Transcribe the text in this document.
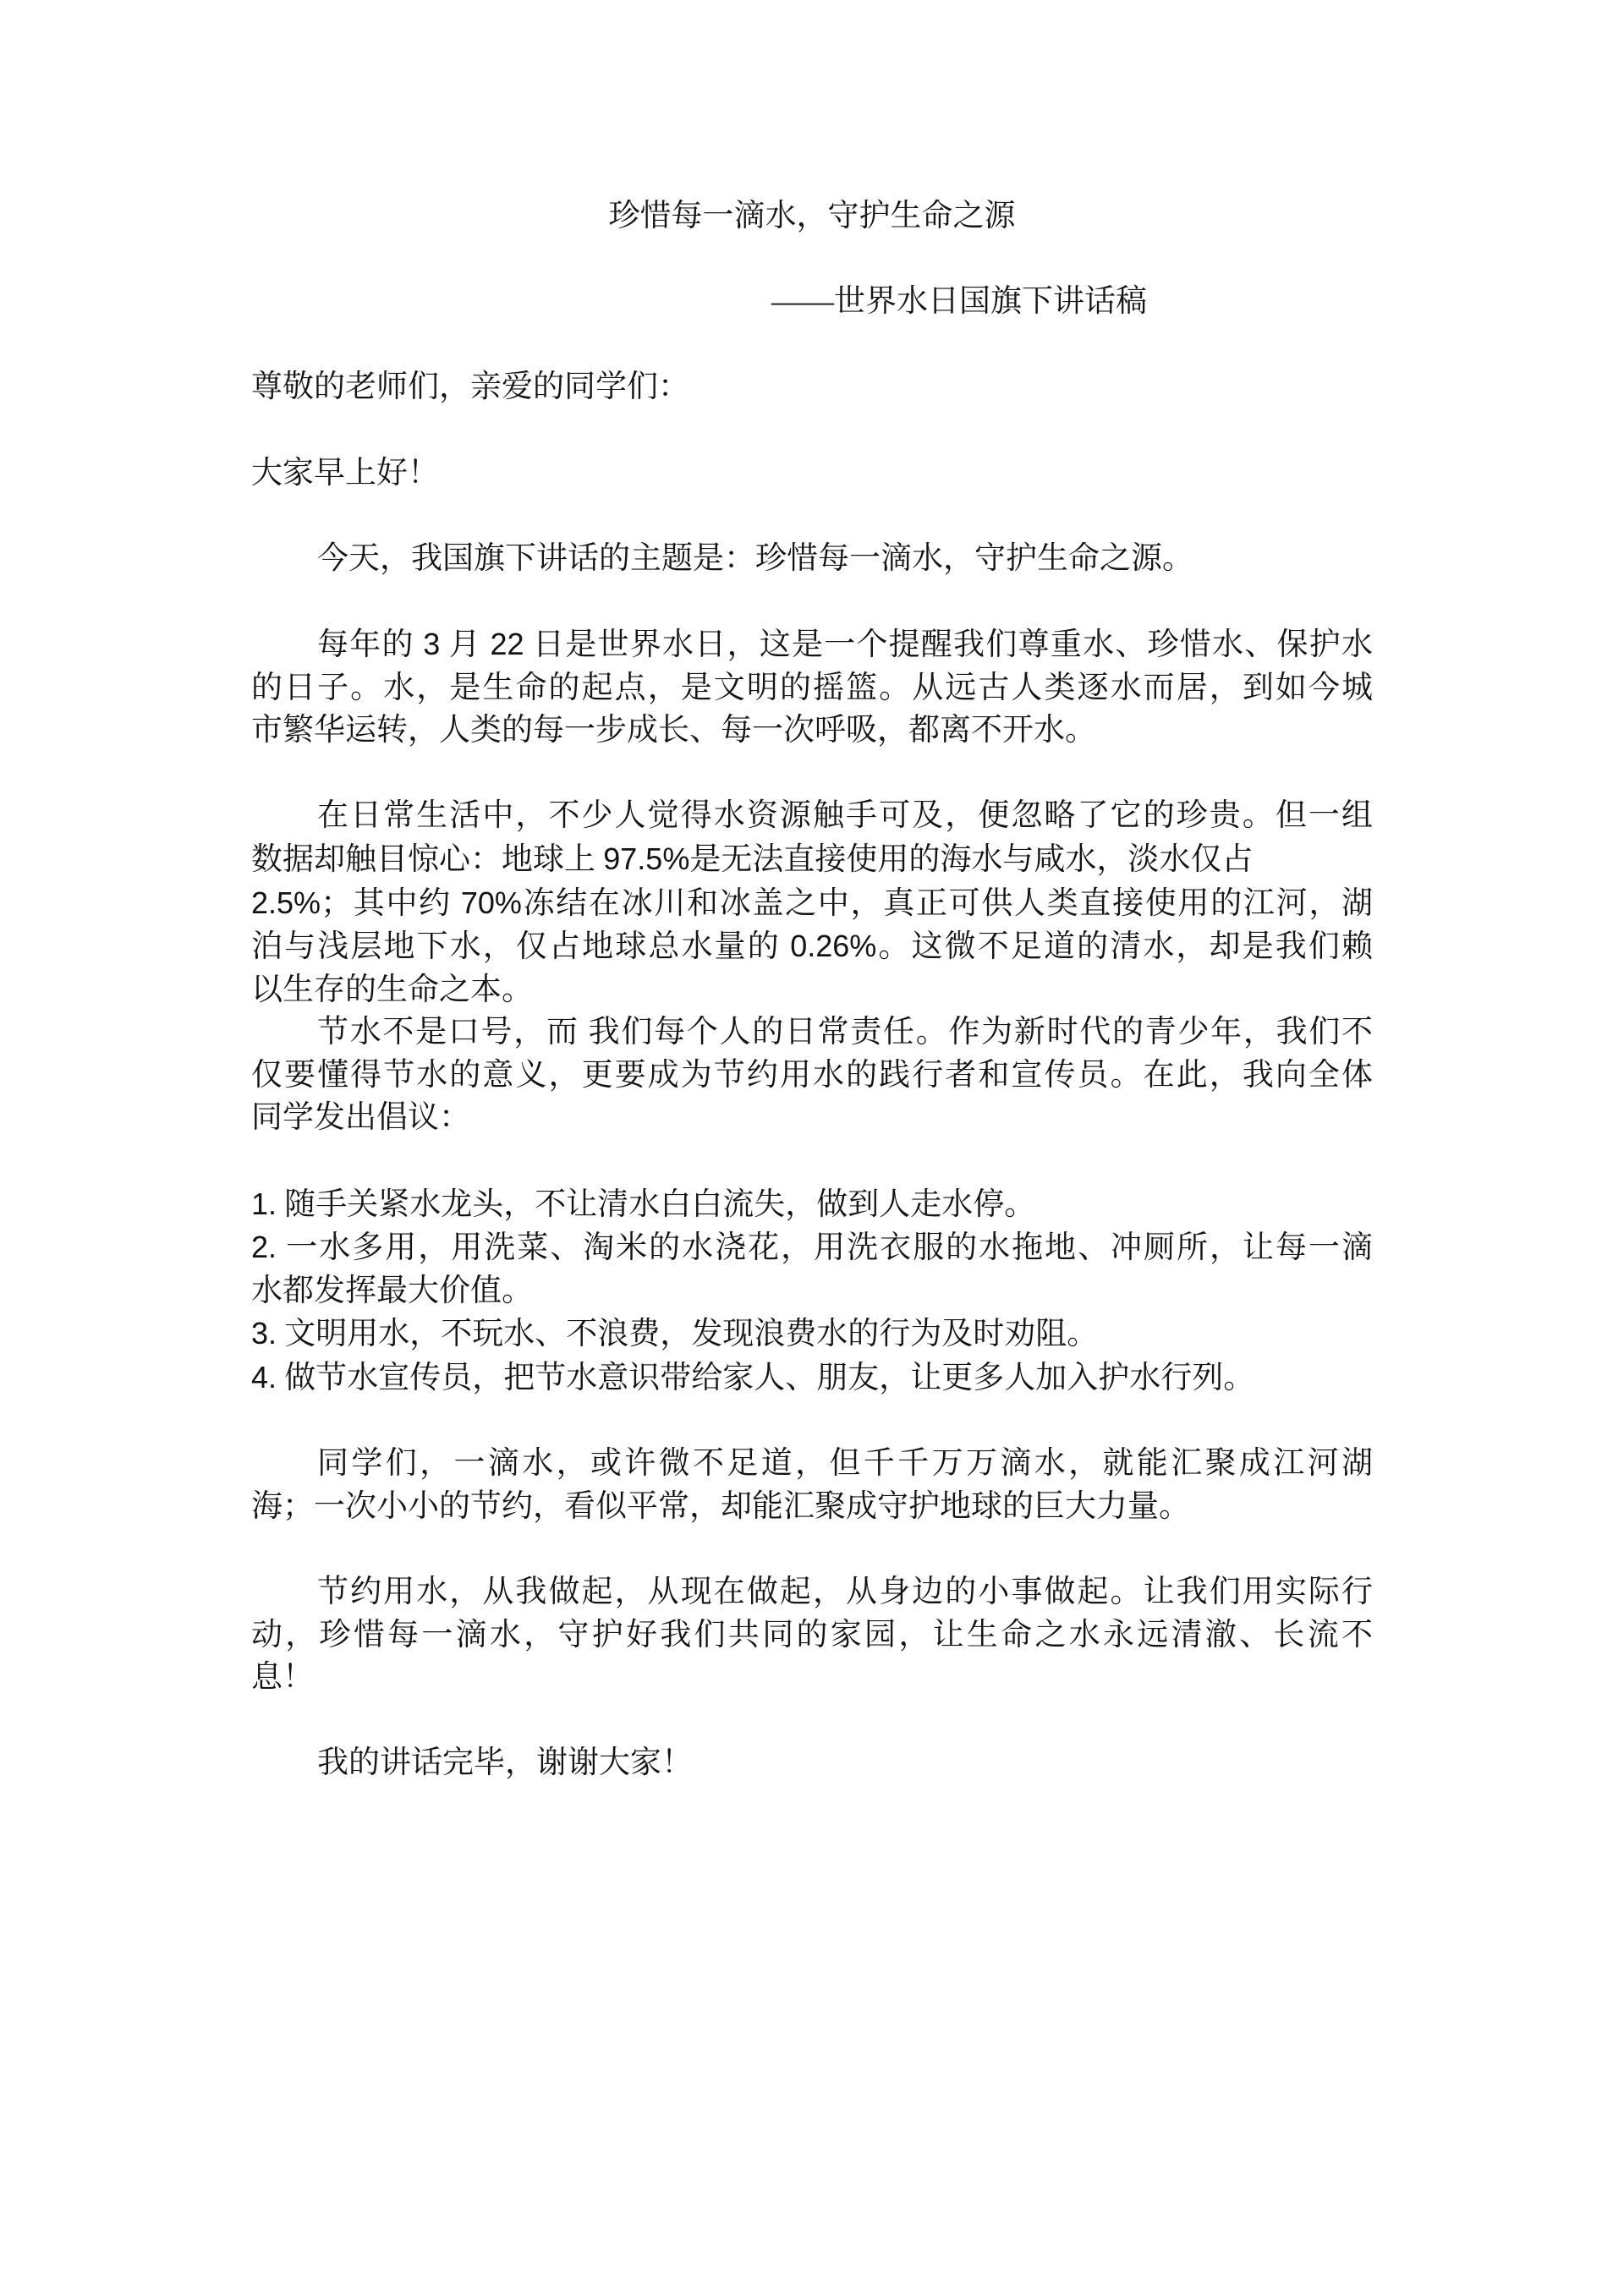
珍惜每一滴水，守护生命之源
——世界水日国旗下讲话稿
尊敬的老师们，亲爱的同学们：
大家早上好！
今天，我国旗下讲话的主题是：珍惜每一滴水，守护生命之源。
每年的 3 月 22 日是世界水日，这是一个提醒我们尊重水、珍惜水、保护水
的日子。水，是生命的起点，是文明的摇篮。从远古人类逐水而居，到如今城
市繁华运转，人类的每一步成长、每一次呼吸，都离不开水。
在日常生活中，不少人觉得水资源触手可及，便忽略了它的珍贵。但一组
数据却触目惊心：地球上 97.5%是无法直接使用的海水与咸水，淡水仅占
2.5%；其中约 70%冻结在冰川和冰盖之中，真正可供人类直接使用的江河，湖
泊与浅层地下水，仅占地球总水量的 0.26%。这微不足道的清水，却是我们赖
以生存的生命之本。
节水不是口号，而 我们每个人的日常责任。作为新时代的青少年，我们不
仅要懂得节水的意义，更要成为节约用水的践行者和宣传员。在此，我向全体
同学发出倡议：
1. 随手关紧水龙头，不让清水白白流失，做到人走水停。
2. 一水多用，用洗菜、淘米的水浇花，用洗衣服的水拖地、冲厕所，让每一滴
水都发挥最大价值。
3. 文明用水，不玩水、不浪费，发现浪费水的行为及时劝阻。
4. 做节水宣传员，把节水意识带给家人、朋友，让更多人加入护水行列。
同学们，一滴水，或许微不足道，但千千万万滴水，就能汇聚成江河湖
海；一次小小的节约，看似平常，却能汇聚成守护地球的巨大力量。
节约用水，从我做起，从现在做起，从身边的小事做起。让我们用实际行
动，珍惜每一滴水，守护好我们共同的家园，让生命之水永远清澈、长流不
息！
我的讲话完毕，谢谢大家！
